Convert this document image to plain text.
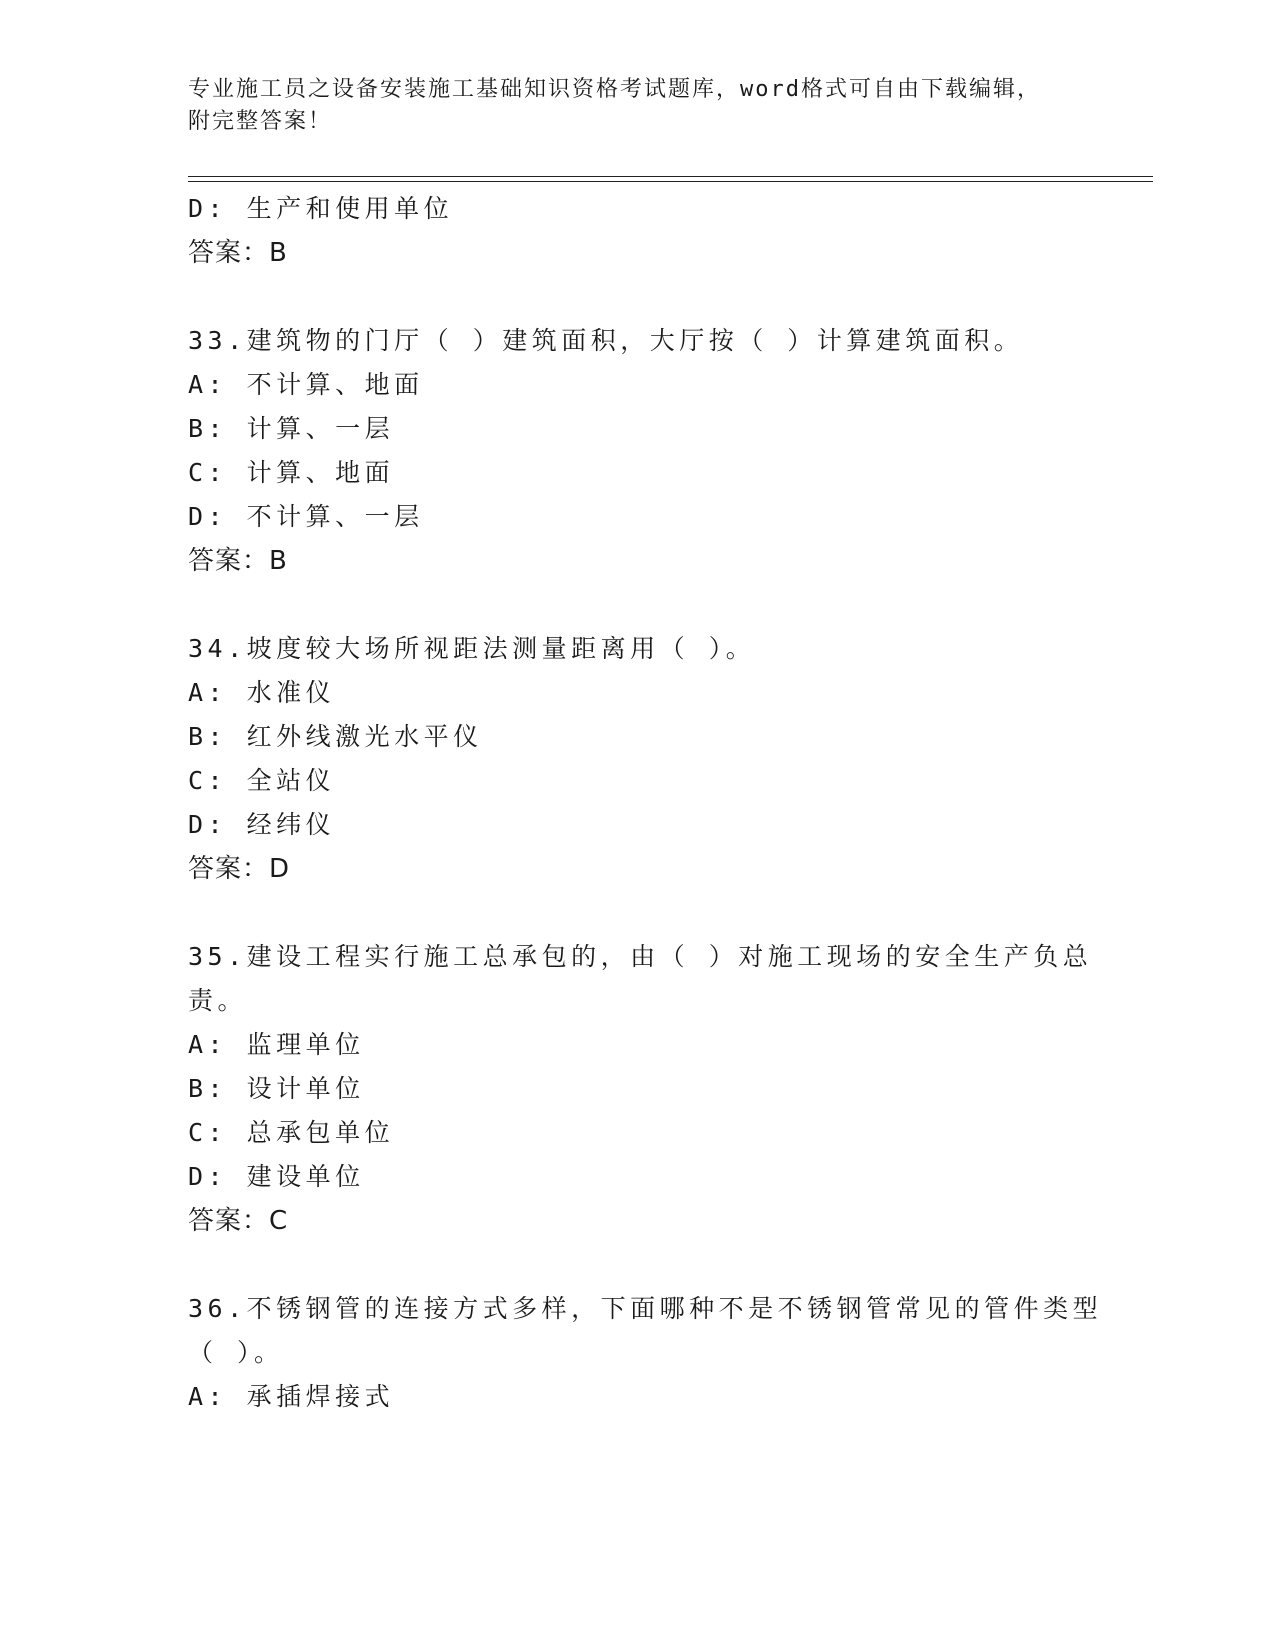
专业施工员之设备安装施工基础知识资格考试题库，word格式可自由下载编辑，
附完整答案！
D: 生产和使用单位
答案：B
33.建筑物的门厅（ ）建筑面积，大厅按（ ）计算建筑面积。
A: 不计算、地面
B: 计算、一层
C: 计算、地面
D: 不计算、一层
答案：B
34.坡度较大场所视距法测量距离用（ ）。
A: 水准仪
B: 红外线激光水平仪
C: 全站仪
D: 经纬仪
答案：D
35.建设工程实行施工总承包的，由（ ）对施工现场的安全生产负总
责。
A: 监理单位
B: 设计单位
C: 总承包单位
D: 建设单位
答案：C
36.不锈钢管的连接方式多样，下面哪种不是不锈钢管常见的管件类型
（ ）。
A: 承插焊接式
